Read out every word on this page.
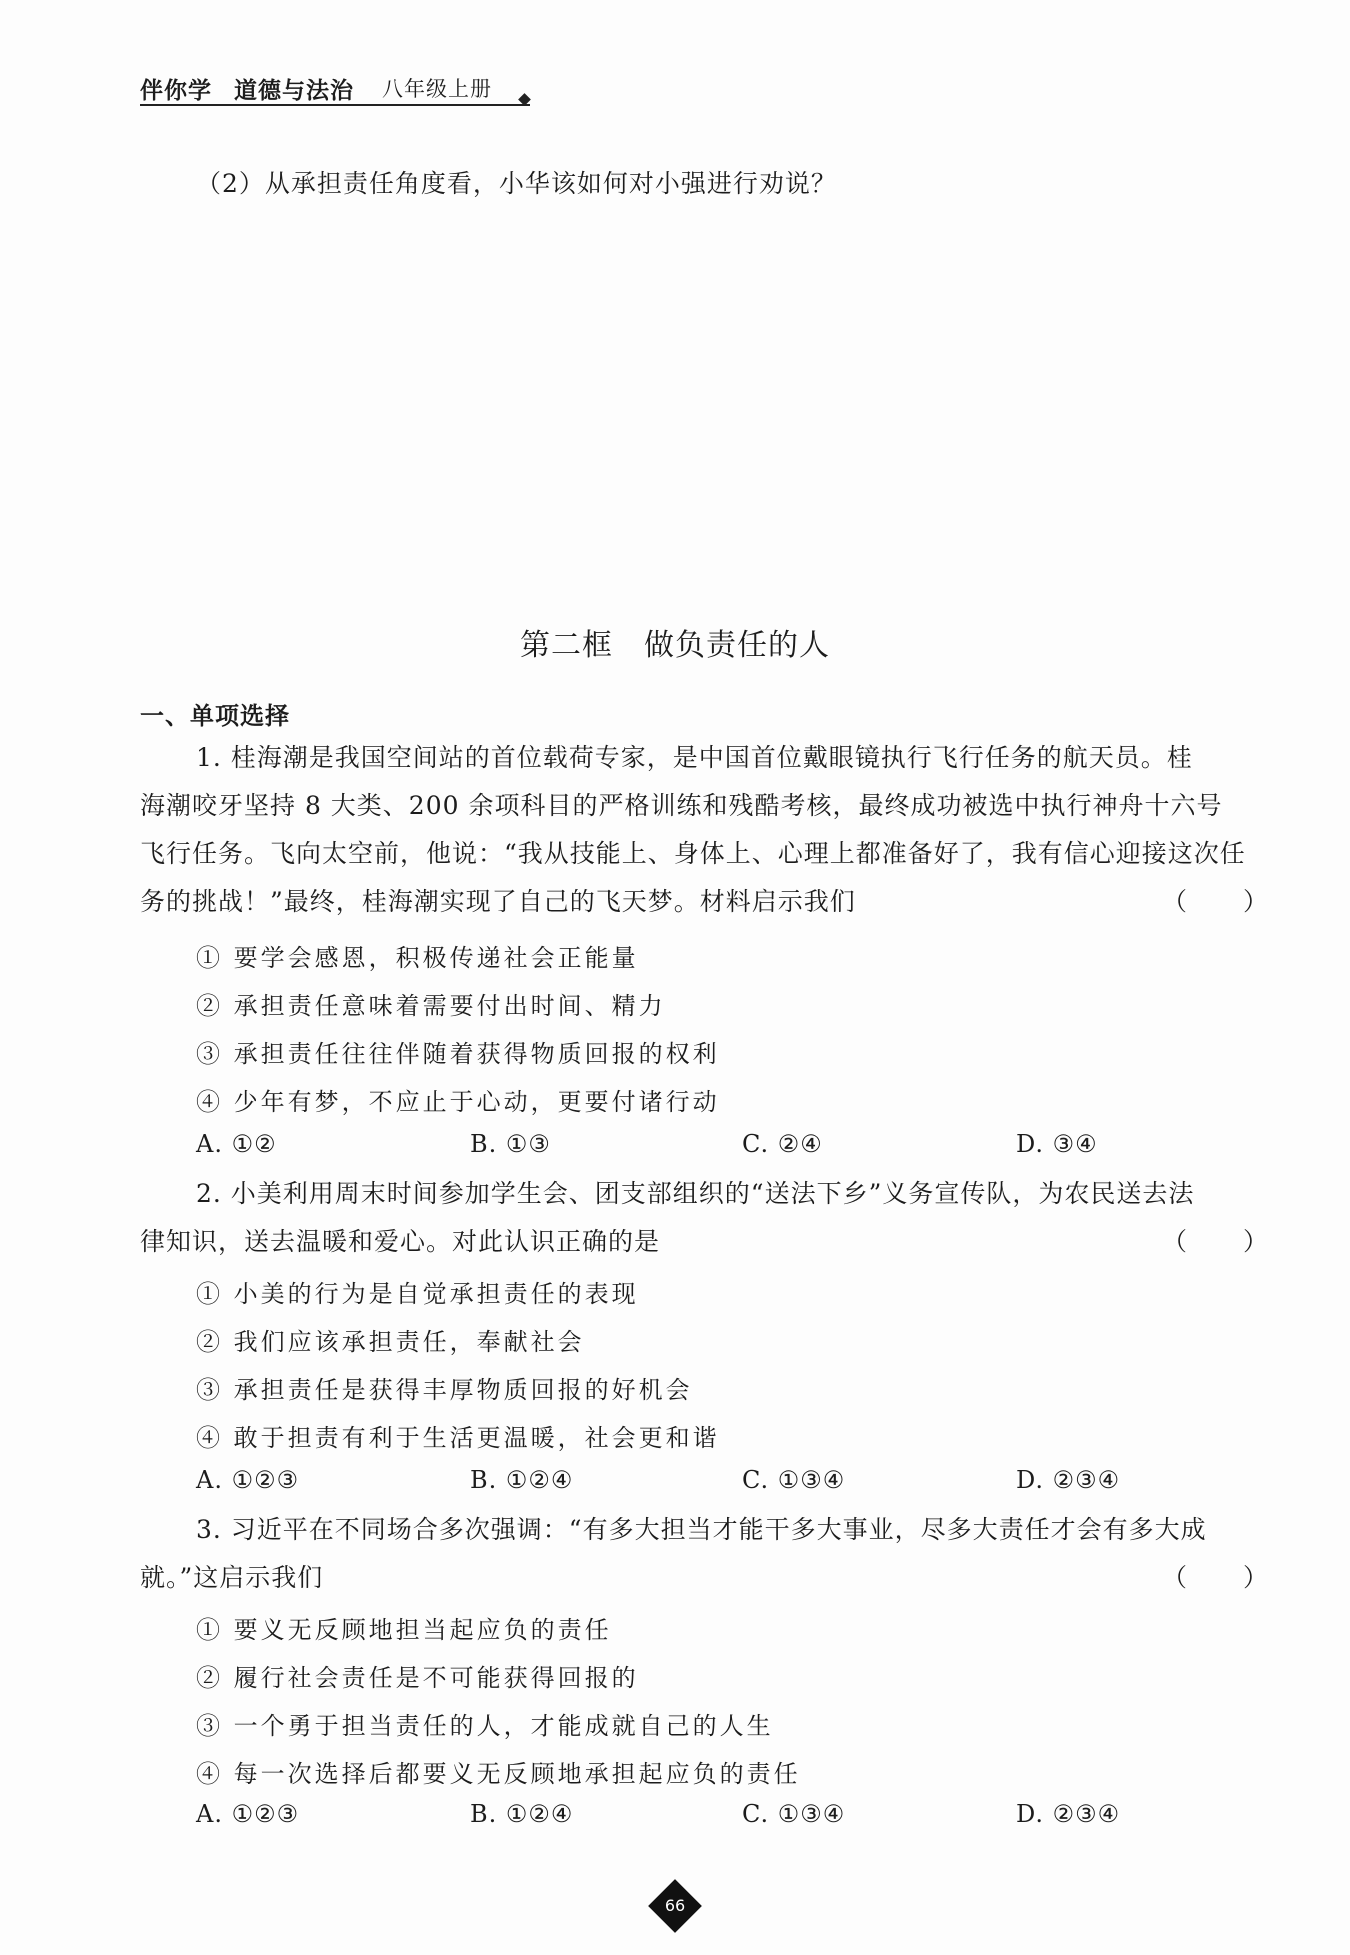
伴你学 道德与法治 八年级上册
（2）从承担责任角度看，小华该如何对小强进行劝说？
第二框　做负责任的人
一、单项选择
1. 桂海潮是我国空间站的首位载荷专家，是中国首位戴眼镜执行飞行任务的航天员。桂
海潮咬牙坚持 8 大类、200 余项科目的严格训练和残酷考核，最终成功被选中执行神舟十六号
飞行任务。飞向太空前，他说：“我从技能上、身体上、心理上都准备好了，我有信心迎接这次任
务的挑战！”最终，桂海潮实现了自己的飞天梦。材料启示我们	（　　）
① 要学会感恩，积极传递社会正能量
② 承担责任意味着需要付出时间、精力
③ 承担责任往往伴随着获得物质回报的权利
④ 少年有梦，不应止于心动，更要付诸行动
A. ①②	B. ①③	C. ②④	D. ③④
2. 小美利用周末时间参加学生会、团支部组织的“送法下乡”义务宣传队，为农民送去法
律知识，送去温暖和爱心。对此认识正确的是	（　　）
① 小美的行为是自觉承担责任的表现
② 我们应该承担责任，奉献社会
③ 承担责任是获得丰厚物质回报的好机会
④ 敢于担责有利于生活更温暖，社会更和谐
A. ①②③	B. ①②④	C. ①③④	D. ②③④
3. 习近平在不同场合多次强调：“有多大担当才能干多大事业，尽多大责任才会有多大成
就。”这启示我们	（　　）
① 要义无反顾地担当起应负的责任
② 履行社会责任是不可能获得回报的
③ 一个勇于担当责任的人，才能成就自己的人生
④ 每一次选择后都要义无反顾地承担起应负的责任
A. ①②③	B. ①②④	C. ①③④	D. ②③④
66
